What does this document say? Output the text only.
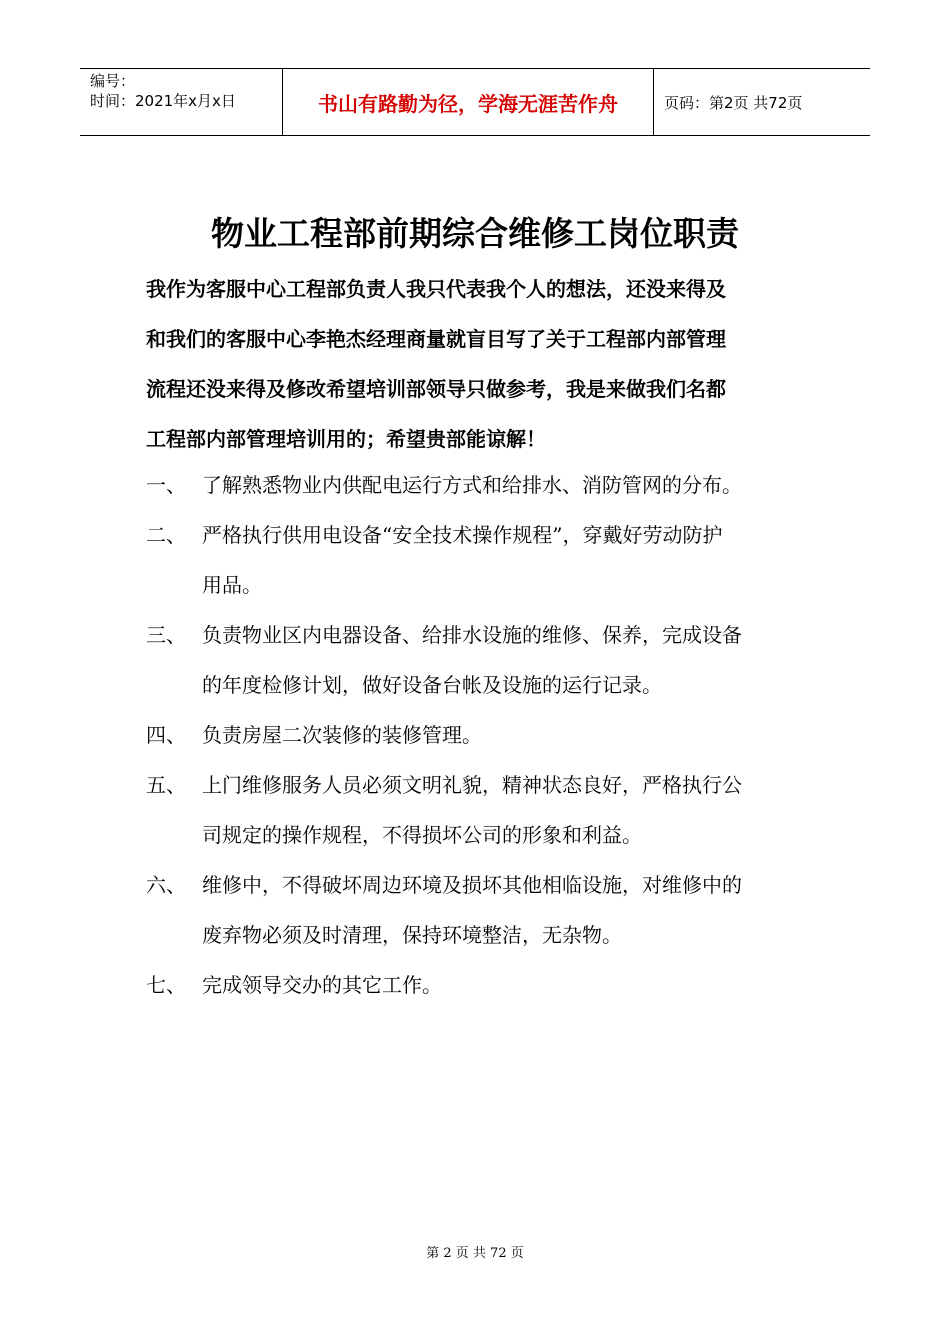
编号：
时间：2021年x月x日	书山有路勤为径，学海无涯苦作舟	页码：第2页 共72页
物业工程部前期综合维修工岗位职责

我作为客服中心工程部负责人我只代表我个人的想法，还没来得及

和我们的客服中心李艳杰经理商量就盲目写了关于工程部内部管理

流程还没来得及修改希望培训部领导只做参考，我是来做我们名都

工程部内部管理培训用的；希望贵部能谅解！

一、 了解熟悉物业内供配电运行方式和给排水、消防管网的分布。

二、 严格执行供用电设备“安全技术操作规程”，穿戴好劳动防护

用品。

三、 负责物业区内电器设备、给排水设施的维修、保养，完成设备

的年度检修计划，做好设备台帐及设施的运行记录。

四、 负责房屋二次装修的装修管理。

五、 上门维修服务人员必须文明礼貌，精神状态良好，严格执行公

司规定的操作规程，不得损坏公司的形象和利益。

六、 维修中，不得破坏周边环境及损坏其他相临设施，对维修中的

废弃物必须及时清理，保持环境整洁，无杂物。

七、 完成领导交办的其它工作。

第 2 页 共 72 页
